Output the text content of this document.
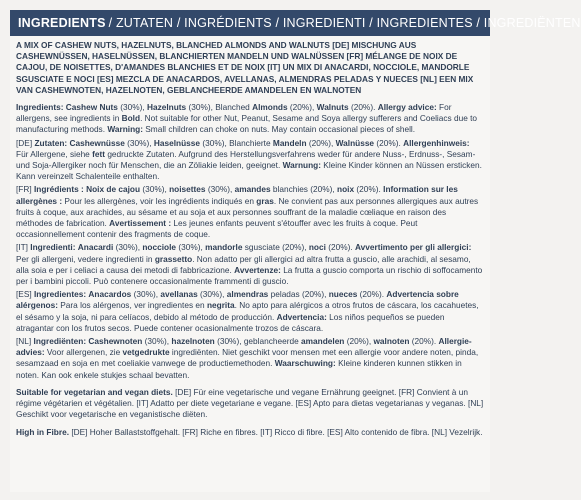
INGREDIENTS / ZUTATEN / INGRÉDIENTS / INGREDIENTI / INGREDIENTES / INGREDIËNTEN

A MIX OF CASHEW NUTS, HAZELNUTS, BLANCHED ALMONDS AND WALNUTS [DE] MISCHUNG AUS CASHEWNÜSSEN, HASELNÜSSEN, BLANCHIERTEN MANDELN UND WALNÜSSEN [FR] MÉLANGE DE NOIX DE CAJOU, DE NOISETTES, D'AMANDES BLANCHIES ET DE NOIX [IT] UN MIX DI ANACARDI, NOCCIOLE, MANDORLE SGUSCIATE E NOCI [ES] MEZCLA DE ANACARDOS, AVELLANAS, ALMENDRAS PELADAS Y NUECES [NL] EEN MIX VAN CASHEWNOTEN, HAZELNOTEN, GEBLANCHEERDE AMANDELEN EN WALNOTEN

Ingredients: Cashew Nuts (30%), Hazelnuts (30%), Blanched Almonds (20%), Walnuts (20%). Allergy advice: For allergens, see ingredients in Bold. Not suitable for other Nut, Peanut, Sesame and Soya allergy sufferers and Coeliacs due to manufacturing methods. Warning: Small children can choke on nuts. May contain occasional pieces of shell.

[DE] Zutaten: Cashewnüsse (30%), Haselnüsse (30%), Blanchierte Mandeln (20%), Walnüsse (20%). Allergenhinweis: Für Allergene, siehe fett gedruckte Zutaten. Aufgrund des Herstellungsverfahrens weder für andere Nuss-, Erdnuss-, Sesam- und Soja-Allergiker noch für Menschen, die an Zöliakie leiden, geeignet. Warnung: Kleine Kinder können an Nüssen ersticken. Kann vereinzelt Schalenteile enthalten.

[FR] Ingrédients : Noix de cajou (30%), noisettes (30%), amandes blanchies (20%), noix (20%). Information sur les allergènes : Pour les allergènes, voir les ingrédients indiqués en gras. Ne convient pas aux personnes allergiques aux autres fruits à coque, aux arachides, au sésame et au soja et aux personnes souffrant de la maladie cœliaque en raison des méthodes de fabrication. Avertissement : Les jeunes enfants peuvent s'étouffer avec les fruits à coque. Peut occasionnellement contenir des fragments de coque.

[IT] Ingredienti: Anacardi (30%), nocciole (30%), mandorle sgusciate (20%), noci (20%). Avvertimento per gli allergici: Per gli allergeni, vedere ingredienti in grassetto. Non adatto per gli allergici ad altra frutta a guscio, alle arachidi, al sesamo, alla soia e per i celiaci a causa dei metodi di fabbricazione. Avvertenze: La frutta a guscio comporta un rischio di soffocamento per i bambini piccoli. Può contenere occasionalmente frammenti di guscio.

[ES] Ingredientes: Anacardos (30%), avellanas (30%), almendras peladas (20%), nueces (20%). Advertencia sobre alérgenos: Para los alérgenos, ver ingredientes en negrita. No apto para alérgicos a otros frutos de cáscara, los cacahuetes, el sésamo y la soja, ni para celíacos, debido al método de producción. Advertencia: Los niños pequeños se pueden atragantar con los frutos secos. Puede contener ocasionalmente trozos de cáscara.

[NL] Ingrediënten: Cashewnoten (30%), hazelnoten (30%), geblancheerde amandelen (20%), walnoten (20%). Allergie-advies: Voor allergenen, zie vetgedrukte ingrediënten. Niet geschikt voor mensen met een allergie voor andere noten, pinda, sesamzaad en soja en met coeliakie vanwege de productiemethoden. Waarschuwing: Kleine kinderen kunnen stikken in noten. Kan ook enkele stukjes schaal bevatten.

Suitable for vegetarian and vegan diets. [DE] Für eine vegetarische und vegane Ernährung geeignet. [FR] Convient à un régime végétarien et végétalien. [IT] Adatto per diete vegetariane e vegane. [ES] Apto para dietas vegetarianas y veganas. [NL] Geschikt voor vegetarische en veganistische diëten.

High in Fibre. [DE] Hoher Ballaststoffgehalt. [FR] Riche en fibres. [IT] Ricco di fibre. [ES] Alto contenido de fibra. [NL] Vezelrijk.
